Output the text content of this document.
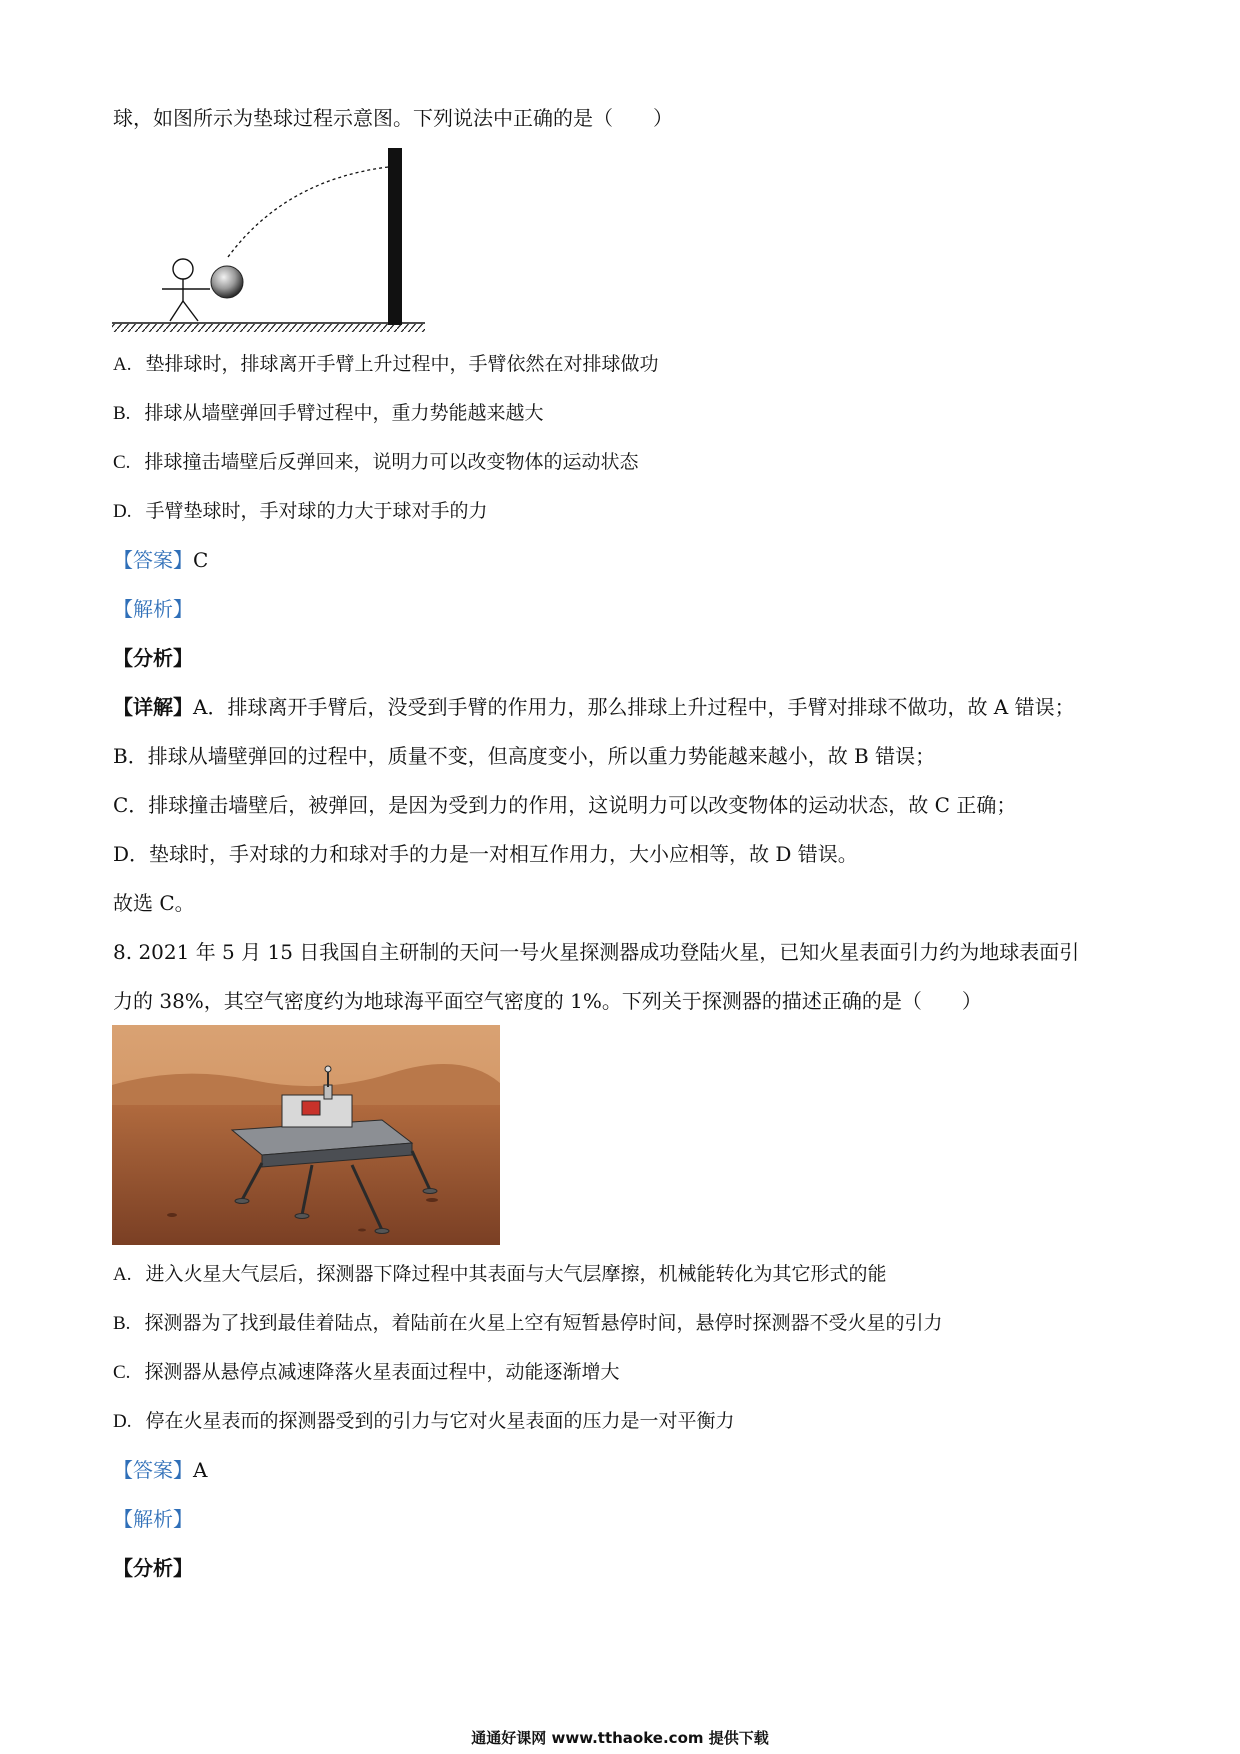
球，如图所示为垫球过程示意图。下列说法中正确的是（　　）
A. 垫排球时，排球离开手臂上升过程中，手臂依然在对排球做功
B. 排球从墙壁弹回手臂过程中，重力势能越来越大
C. 排球撞击墙壁后反弹回来，说明力可以改变物体的运动状态
D. 手臂垫球时，手对球的力大于球对手的力
【答案】C
【解析】
【分析】
【详解】A．排球离开手臂后，没受到手臂的作用力，那么排球上升过程中，手臂对排球不做功，故 A 错误；
B．排球从墙壁弹回的过程中，质量不变，但高度变小，所以重力势能越来越小，故 B 错误；
C．排球撞击墙壁后，被弹回，是因为受到力的作用，这说明力可以改变物体的运动状态，故 C 正确；
D．垫球时，手对球的力和球对手的力是一对相互作用力，大小应相等，故 D 错误。
故选 C。
8. 2021 年 5 月 15 日我国自主研制的天问一号火星探测器成功登陆火星，已知火星表面引力约为地球表面引
力的 38%，其空气密度约为地球海平面空气密度的 1%。下列关于探测器的描述正确的是（　　）
A. 进入火星大气层后，探测器下降过程中其表面与大气层摩擦，机械能转化为其它形式的能
B. 探测器为了找到最佳着陆点，着陆前在火星上空有短暂悬停时间，悬停时探测器不受火星的引力
C. 探测器从悬停点减速降落火星表面过程中，动能逐渐增大
D. 停在火星表而的探测器受到的引力与它对火星表面的压力是一对平衡力
【答案】A
【解析】
【分析】
通通好课网 www.tthaoke.com 提供下载
